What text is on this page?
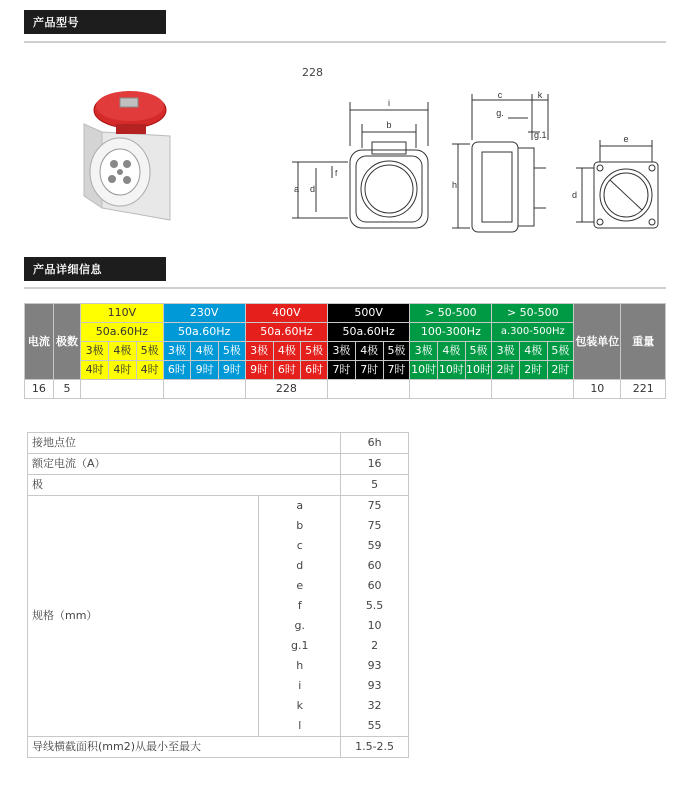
产品型号
228
i
b
f
a d
c	k
g.
g.1
h
e
d
产品详细信息
电流	极数	110V			230V			400V			500V			> 50-500			> 50-500			包装单位	重量
		50a.60Hz			50a.60Hz			50a.60Hz			50a.60Hz			100-300Hz			a.300-500Hz				
		3极	4极	5极	3极	4极	5极	3极	4极	5极	3极	4极	5极	3极	4极	5极	3极	4极	5极		
		4时	4时	4时	6时	9时	9时	9时	6时	6时	7时	7时	7时	10时	10时	10时	2时	2时	2时		
16	5							228												10	221
接地点位		6h
额定电流（A）		16
极		5
规格（mm）	a	75
	b	75
	c	59
	d	60
	e	60
	f	5.5
	g.	10
	g.1	2
	h	93
	i	93
	k	32
	l	55
导线横截面积(mm2)从最小至最大		1.5-2.5
